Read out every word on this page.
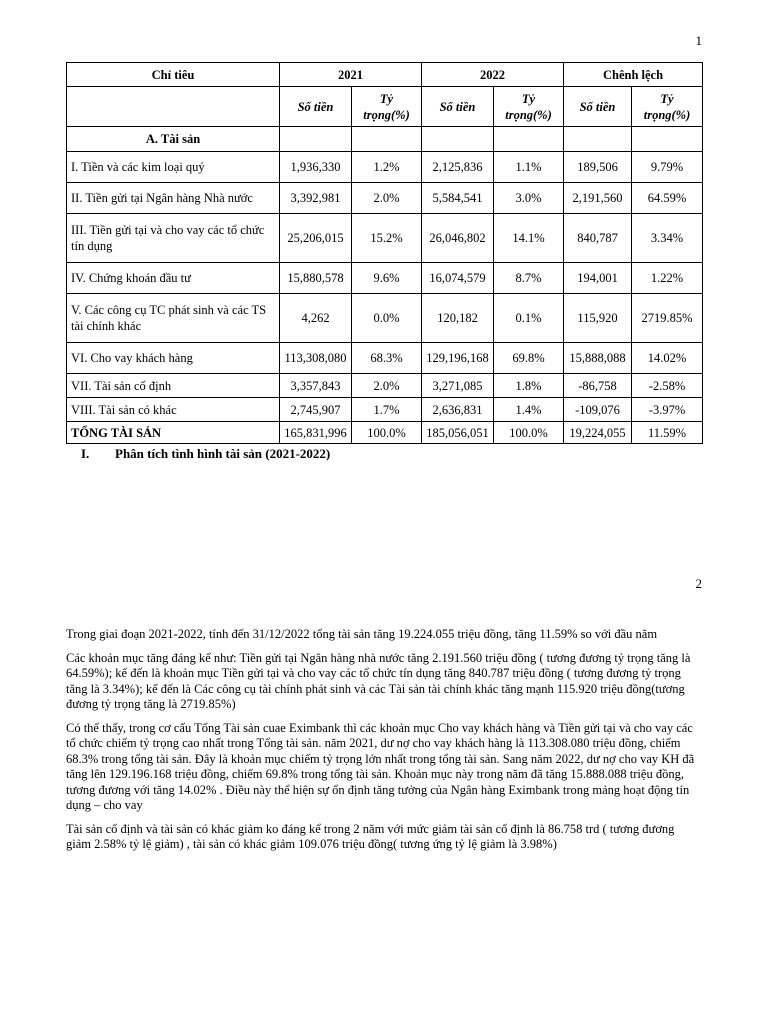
1
Chỉ tiêu	2021		2022		Chênh lệch	
	Số tiền	Tỷ trọng(%)	Số tiền	Tỷ trọng(%)	Số tiền	Tỷ trọng(%)
A. Tài sản						
I. Tiền và các kim loại quý	1,936,330	1.2%	2,125,836	1.1%	189,506	9.79%
II. Tiền gửi tại Ngân hàng Nhà nước	3,392,981	2.0%	5,584,541	3.0%	2,191,560	64.59%
III. Tiền gửi tại và cho vay các tổ chức tín dụng	25,206,015	15.2%	26,046,802	14.1%	840,787	3.34%
IV. Chứng khoán đầu tư	15,880,578	9.6%	16,074,579	8.7%	194,001	1.22%
V. Các công cụ TC phát sinh và các TS tài chính khác	4,262	0.0%	120,182	0.1%	115,920	2719.85%
VI. Cho vay khách hàng	113,308,080	68.3%	129,196,168	69.8%	15,888,088	14.02%
VII. Tài sản cố định	3,357,843	2.0%	3,271,085	1.8%	-86,758	-2.58%
VIII. Tài sản có khác	2,745,907	1.7%	2,636,831	1.4%	-109,076	-3.97%
TỔNG TÀI SẢN	165,831,996	100.0%	185,056,051	100.0%	19,224,055	11.59%
I. Phân tích tình hình tài sản (2021-2022)
2

Trong giai đoạn 2021-2022, tính đến 31/12/2022 tổng tài sản tăng 19.224.055 triệu đồng, tăng 11.59% so với đầu năm

Các khoản mục tăng đáng kể như: Tiền gửi tại Ngân hàng nhà nước tăng 2.191.560 triệu đồng ( tương đương tỷ trọng tăng là 64.59%); kế đến là khoản mục Tiền gửi tại và cho vay các tổ chức tín dụng tăng 840.787 triệu đồng ( tương đương tỷ trọng tăng là 3.34%); kế đến là Các công cụ tài chính phát sinh và các Tài sản tài chính khác tăng mạnh 115.920 triệu đồng(tương đương tỷ trọng tăng là 2719.85%)

Có thể thấy, trong cơ cấu Tổng Tài sản cuae Eximbank thì các khoản mục Cho vay khách hàng và Tiền gửi tại và cho vay các tổ chức chiếm tỷ trọng cao nhất trong Tổng tài sản. năm 2021, dư nợ cho vay khách hàng là 113.308.080 triệu đồng, chiếm 68.3% trong tổng tài sản. Đây là khoản mục chiếm tỷ trọng lớn nhất trong tổng tài sản. Sang năm 2022, dư nợ cho vay KH đã tăng lên 129.196.168 triệu đồng, chiếm 69.8% trong tổng tài sản. Khoản mục này trong năm đã tăng 15.888.088 triệu đồng, tương đương với tăng 14.02% . Điều này thể hiện sự ổn định tăng tưởng của Ngân hàng Eximbank trong mảng hoạt động tín dụng – cho vay

Tài sản cố định và tài sản có khác giảm ko đáng kể trong 2 năm với mức giảm tài sản cố định là 86.758 trd ( tương đương giảm 2.58% tỷ lệ giảm) , tài sản có khác giảm 109.076 triệu đồng( tương ứng tỷ lệ giảm là 3.98%)
